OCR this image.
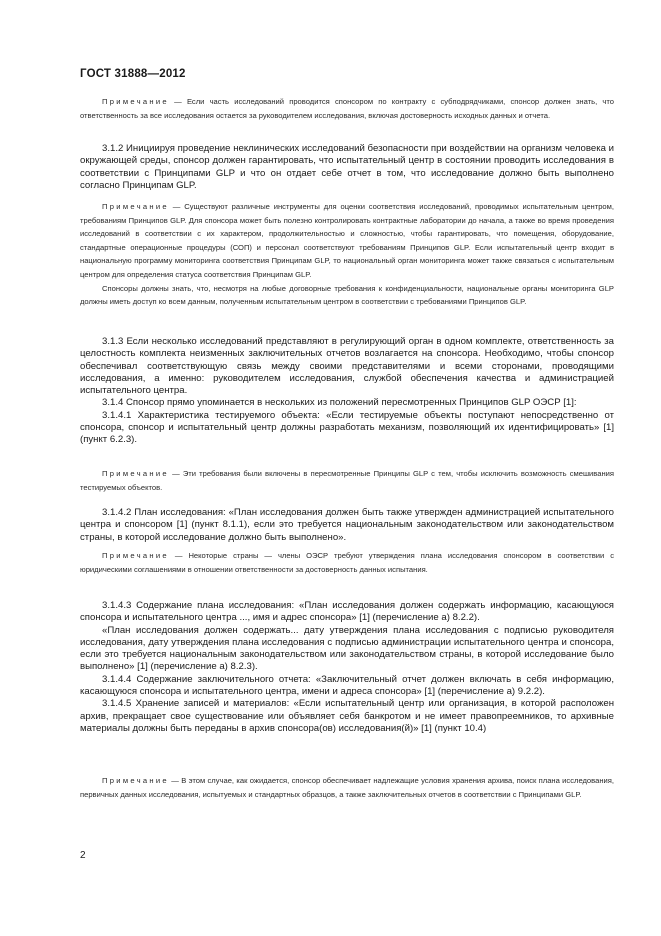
ГОСТ 31888—2012

Примечание — Если часть исследований проводится спонсором по контракту с субподрядчиками, спонсор должен знать, что ответственность за все исследования остается за руководителем исследования, включая достоверность исходных данных и отчета.

3.1.2 Инициируя проведение неклинических исследований безопасности при воздействии на организм человека и окружающей среды, спонсор должен гарантировать, что испытательный центр в состоянии проводить исследования в соответствии с Принципами GLP и что он отдает себе отчет в том, что исследование должно быть выполнено согласно Принципам GLP.

Примечание — Существуют различные инструменты для оценки соответствия исследований, проводимых испытательным центром, требованиям Принципов GLP. Для спонсора может быть полезно контролировать контрактные лаборатории до начала, а также во время проведения исследований в соответствии с их характером, продолжительностью и сложностью, чтобы гарантировать, что помещения, оборудование, стандартные операционные процедуры (СОП) и персонал соответствуют требованиям Принципов GLP. Если испытательный центр входит в национальную программу мониторинга соответствия Принципам GLP, то национальный орган мониторинга может также связаться с испытательным центром для определения статуса соответствия Принципам GLP.

Спонсоры должны знать, что, несмотря на любые договорные требования к конфиденциальности, национальные органы мониторинга GLP должны иметь доступ ко всем данным, полученным испытательным центром в соответствии с требованиями Принципов GLP.

3.1.3 Если несколько исследований представляют в регулирующий орган в одном комплекте, ответственность за целостность комплекта неизменных заключительных отчетов возлагается на спонсора. Необходимо, чтобы спонсор обеспечивал соответствующую связь между своими представителями и всеми сторонами, проводящими исследования, а именно: руководителем исследования, службой обеспечения качества и администрацией испытательного центра.

3.1.4 Спонсор прямо упоминается в нескольких из положений пересмотренных Принципов GLP ОЭСР [1]:

3.1.4.1 Характеристика тестируемого объекта: «Если тестируемые объекты поступают непосредственно от спонсора, спонсор и испытательный центр должны разработать механизм, позволяющий их идентифицировать» [1] (пункт 6.2.3).

Примечание — Эти требования были включены в пересмотренные Принципы GLP с тем, чтобы исключить возможность смешивания тестируемых объектов.

3.1.4.2 План исследования: «План исследования должен быть также утвержден администрацией испытательного центра и спонсором [1] (пункт 8.1.1), если это требуется национальным законодательством или законодательством страны, в которой исследование должно быть выполнено».

Примечание — Некоторые страны — члены ОЭСР требуют утверждения плана исследования спонсором в соответствии с юридическими соглашениями в отношении ответственности за достоверность данных испытания.

3.1.4.3 Содержание плана исследования: «План исследования должен содержать информацию, касающуюся спонсора и испытательного центра ..., имя и адрес спонсора» [1] (перечисление а) 8.2.2).

«План исследования должен содержать... дату утверждения плана исследования с подписью руководителя исследования, дату утверждения плана исследования с подписью администрации испытательного центра и спонсора, если это требуется национальным законодательством или законодательством страны, в которой исследование было выполнено» [1] (перечисление а) 8.2.3).

3.1.4.4 Содержание заключительного отчета: «Заключительный отчет должен включать в себя информацию, касающуюся спонсора и испытательного центра, имени и адреса спонсора» [1] (перечисление а) 9.2.2).

3.1.4.5 Хранение записей и материалов: «Если испытательный центр или организация, в которой расположен архив, прекращает свое существование или объявляет себя банкротом и не имеет правопреемников, то архивные материалы должны быть переданы в архив спонсора(ов) исследования(й)» [1] (пункт 10.4)

Примечание — В этом случае, как ожидается, спонсор обеспечивает надлежащие условия хранения архива, поиск плана исследования, первичных данных исследования, испытуемых и стандартных образцов, а также заключительных отчетов в соответствии с Принципами GLP.

2
